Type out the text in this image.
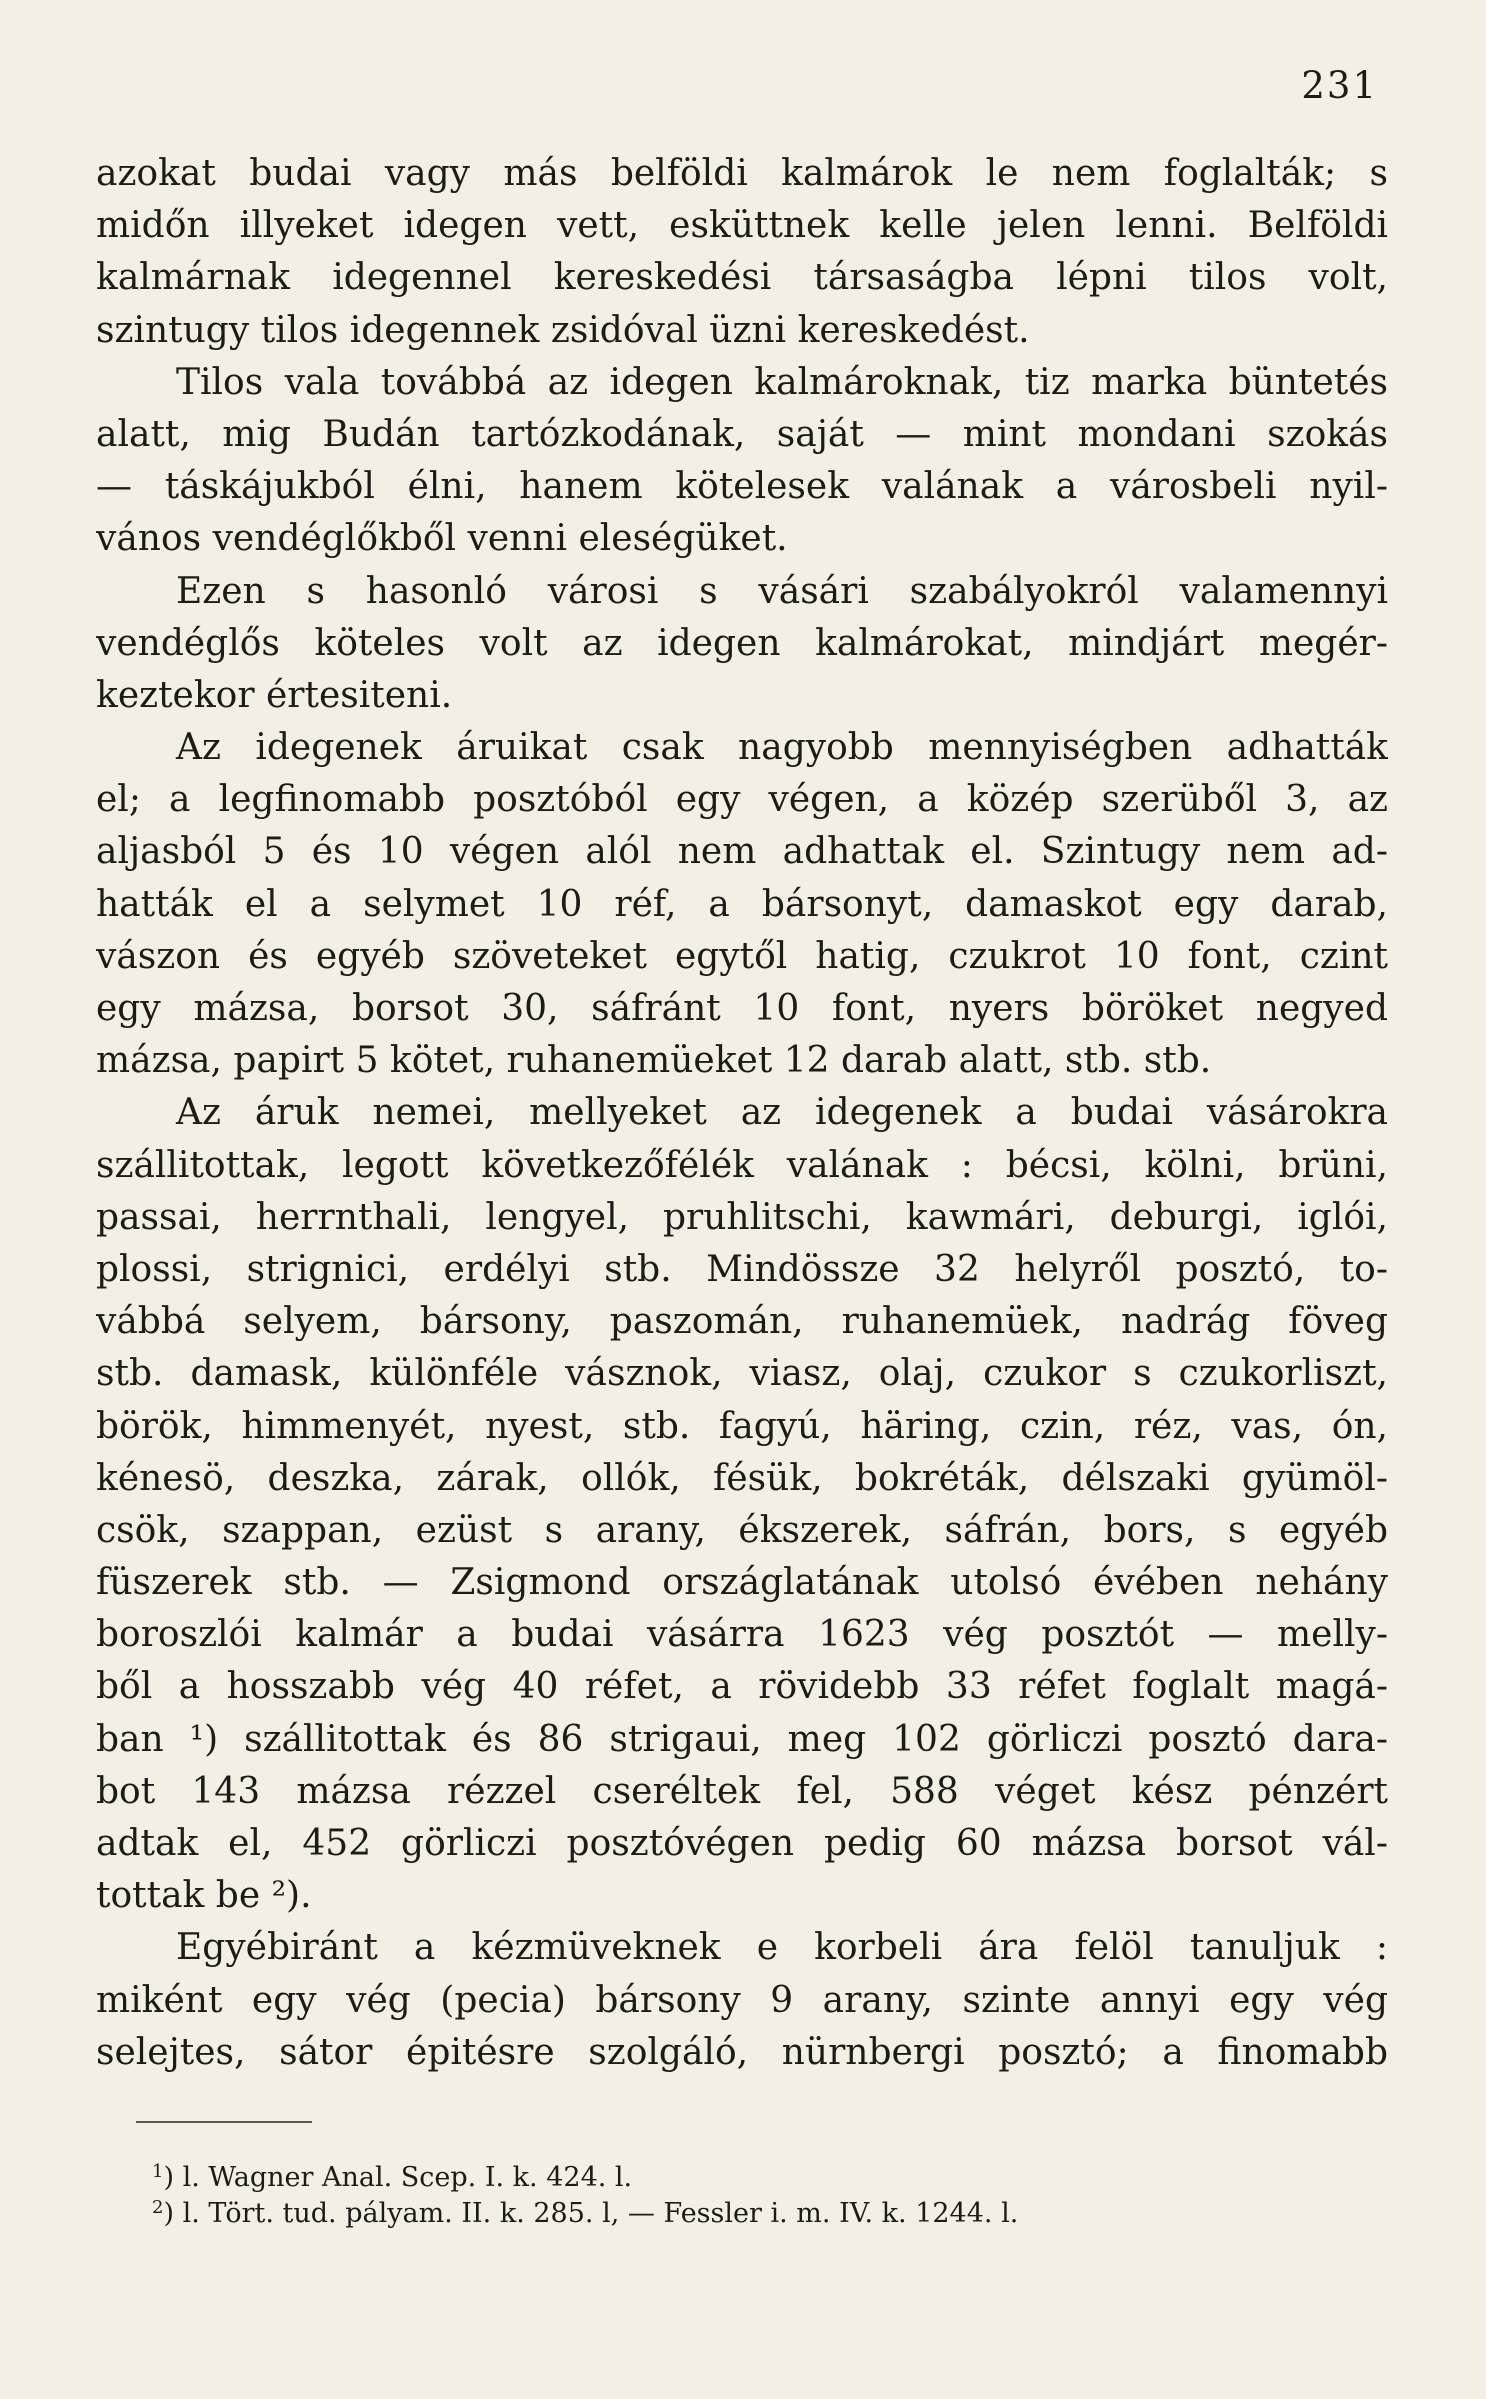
231
azokat budai vagy más belföldi kalmárok le nem foglalták; s
midőn illyeket idegen vett, esküttnek kelle jelen lenni. Belföldi
kalmárnak idegennel kereskedési társaságba lépni tilos volt,
szintugy tilos idegennek zsidóval üzni kereskedést.
Tilos vala továbbá az idegen kalmároknak, tiz marka büntetés
alatt, mig Budán tartózkodának, saját — mint mondani szokás
— táskájukból élni, hanem kötelesek valának a városbeli nyil-
vános vendéglőkből venni eleségüket.
Ezen s hasonló városi s vásári szabályokról valamennyi
vendéglős köteles volt az idegen kalmárokat, mindjárt megér-
keztekor értesiteni.
Az idegenek áruikat csak nagyobb mennyiségben adhatták
el; a legfinomabb posztóból egy végen, a közép szerüből 3, az
aljasból 5 és 10 végen alól nem adhattak el. Szintugy nem ad-
hatták el a selymet 10 réf, a bársonyt, damaskot egy darab,
vászon és egyéb szöveteket egytől hatig, czukrot 10 font, czint
egy mázsa, borsot 30, sáfránt 10 font, nyers böröket negyed
mázsa, papirt 5 kötet, ruhanemüeket 12 darab alatt, stb. stb.
Az áruk nemei, mellyeket az idegenek a budai vásárokra
szállitottak, legott következőfélék valának : bécsi, kölni, brüni,
passai, herrnthali, lengyel, pruhlitschi, kawmári, deburgi, iglói,
plossi, strignici, erdélyi stb. Mindössze 32 helyről posztó, to-
vábbá selyem, bársony, paszomán, ruhanemüek, nadrág föveg
stb. damask, különféle vásznok, viasz, olaj, czukor s czukorliszt,
börök, himmenyét, nyest, stb. fagyú, häring, czin, réz, vas, ón,
kénesö, deszka, zárak, ollók, fésük, bokréták, délszaki gyümöl-
csök, szappan, ezüst s arany, ékszerek, sáfrán, bors, s egyéb
füszerek stb. — Zsigmond országlatának utolsó évében nehány
boroszlói kalmár a budai vásárra 1623 vég posztót — melly-
ből a hosszabb vég 40 réfet, a rövidebb 33 réfet foglalt magá-
ban ¹) szállitottak és 86 strigaui, meg 102 görliczi posztó dara-
bot 143 mázsa rézzel cseréltek fel, 588 véget kész pénzért
adtak el, 452 görliczi posztóvégen pedig 60 mázsa borsot vál-
tottak be ²).
Egyébiránt a kézmüveknek e korbeli ára felöl tanuljuk :
miként egy vég (pecia) bársony 9 arany, szinte annyi egy vég
selejtes, sátor épitésre szolgáló, nürnbergi posztó; a finomabb
$^1$) l. Wagner Anal. Scep. I. k. 424. l.
$^2$) l. Tört. tud. pályam. II. k. 285. l, — Fessler i. m. IV. k. 1244. l.
